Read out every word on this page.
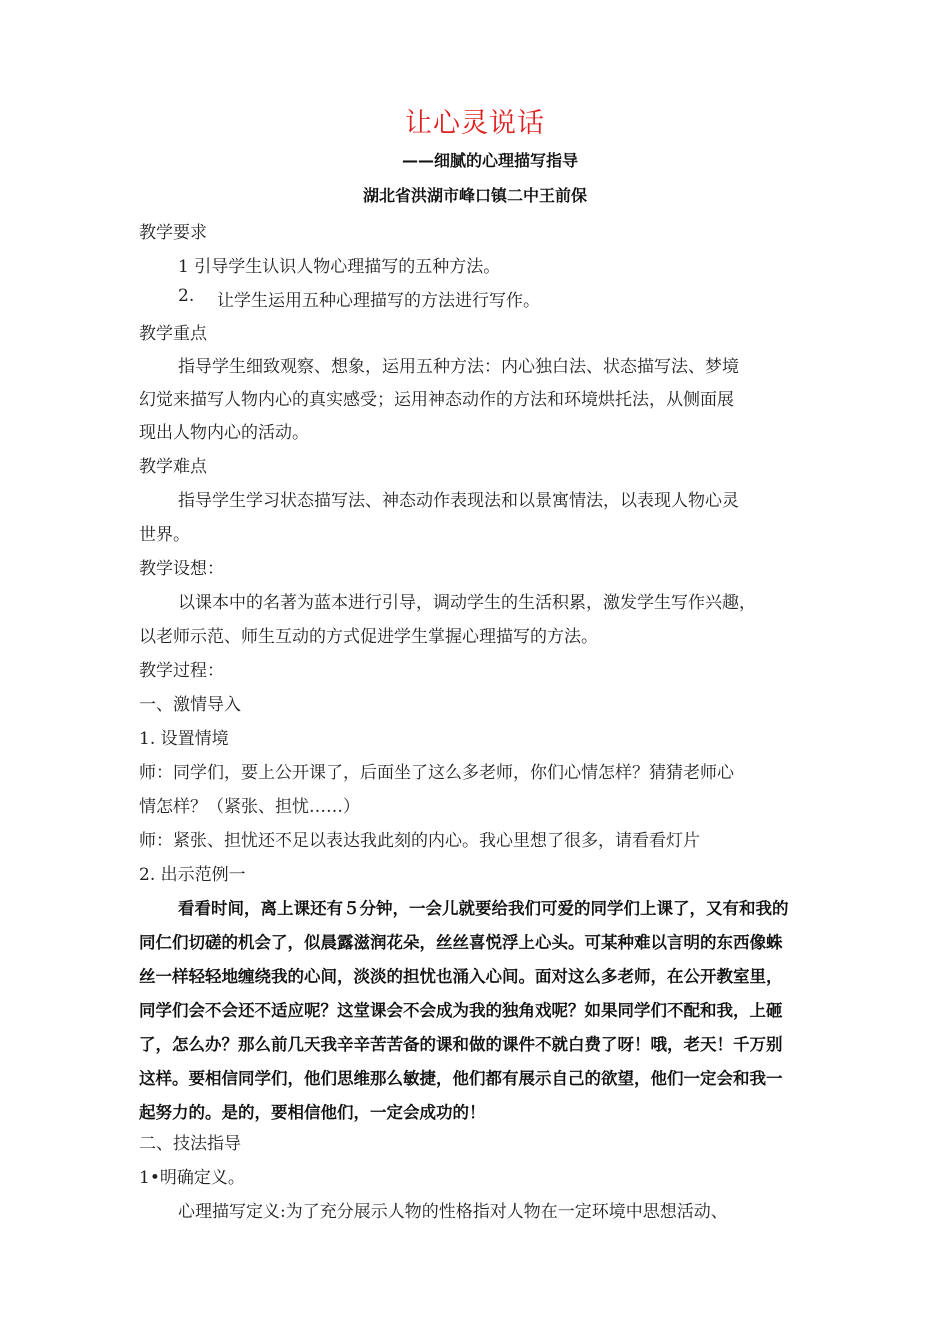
让心灵说话
——细腻的心理描写指导
湖北省洪湖市峰口镇二中王前保
教学要求
1 引导学生认识人物心理描写的五种方法。
2. 让学生运用五种心理描写的方法进行写作。
教学重点
指导学生细致观察、想象，运用五种方法：内心独白法、状态描写法、梦境
幻觉来描写人物内心的真实感受；运用神态动作的方法和环境烘托法，从侧面展
现出人物内心的活动。
教学难点
指导学生学习状态描写法、神态动作表现法和以景寓情法，以表现人物心灵
世界。
教学设想：
以课本中的名著为蓝本进行引导，调动学生的生活积累，激发学生写作兴趣，
以老师示范、师生互动的方式促进学生掌握心理描写的方法。
教学过程：
一、激情导入
1. 设置情境
师：同学们，要上公开课了，后面坐了这么多老师，你们心情怎样？猜猜老师心
情怎样？（紧张、担忧……）
师：紧张、担忧还不足以表达我此刻的内心。我心里想了很多，请看看灯片
2. 出示范例一
看看时间，离上课还有５分钟，一会儿就要给我们可爱的同学们上课了，又有和我的
同仁们切磋的机会了，似晨露滋润花朵，丝丝喜悦浮上心头。可某种难以言明的东西像蛛
丝一样轻轻地缠绕我的心间，淡淡的担忧也涌入心间。面对这么多老师，在公开教室里，
同学们会不会还不适应呢？这堂课会不会成为我的独角戏呢？如果同学们不配和我，上砸
了，怎么办？那么前几天我辛辛苦苦备的课和做的课件不就白费了呀！哦，老天！千万别
这样。要相信同学们，他们思维那么敏捷，他们都有展示自己的欲望，他们一定会和我一
起努力的。是的，要相信他们，一定会成功的！
二、技法指导
1•明确定义。
心理描写定义:为了充分展示人物的性格指对人物在一定环境中思想活动、
